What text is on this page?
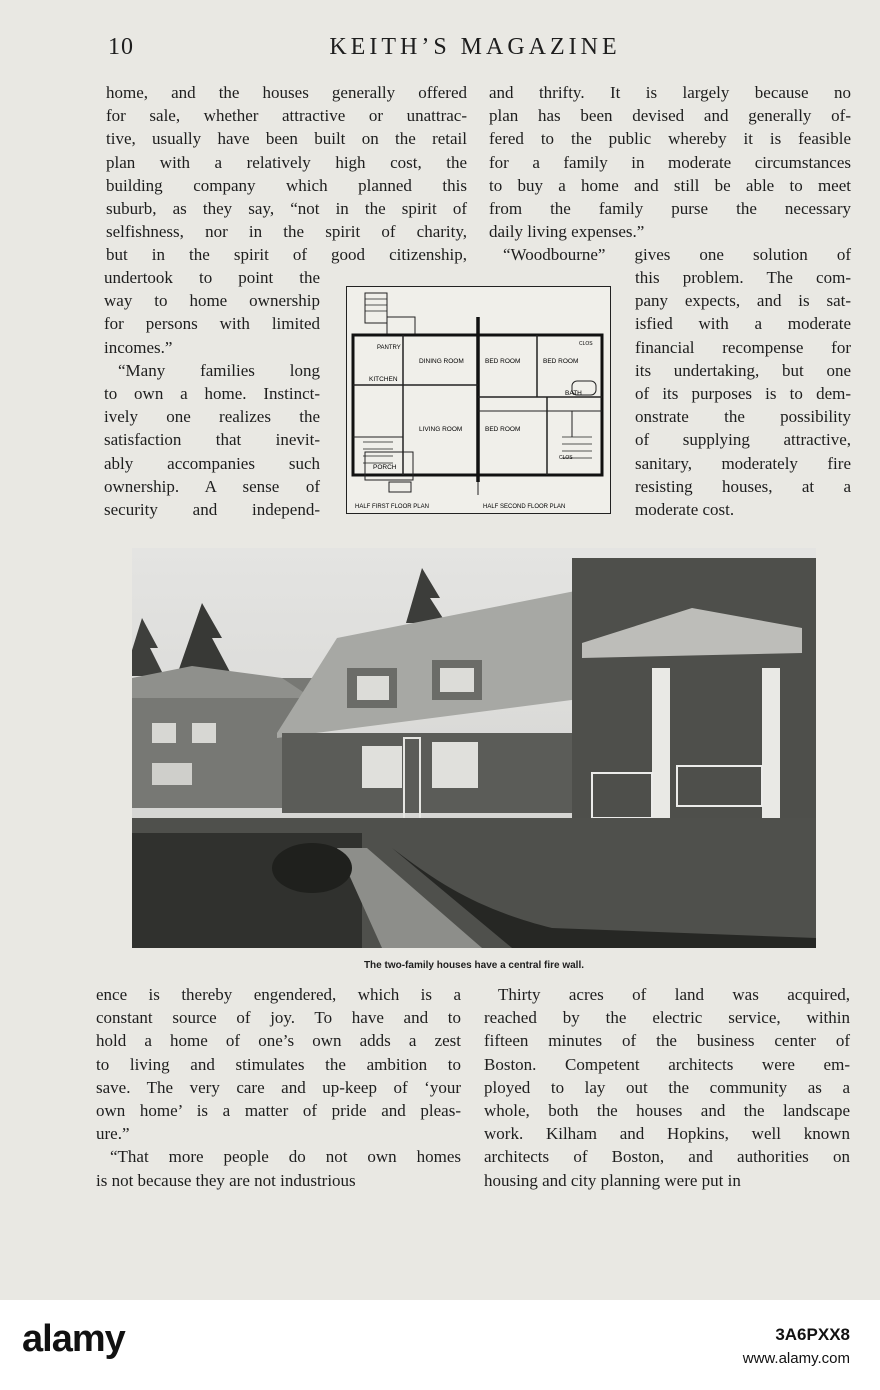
10	KEITH’S MAGAZINE
home, and the houses generally offered
for sale, whether attractive or unattrac-
tive, usually have been built on the retail
plan with a relatively high cost, the
building company which planned this
suburb, as they say, “not in the spirit of
selfishness, nor in the spirit of charity,
but in the spirit of good citizenship,
undertook to point the
way to home ownership
for persons with limited
incomes.”
“Many families long
to own a home. Instinct-
ively one realizes the
satisfaction that inevit-
ably accompanies such
ownership. A sense of
security and independ-
and thrifty. It is largely because no
plan has been devised and generally of-
fered to the public whereby it is feasible
for a family in moderate circumstances
to buy a home and still be able to meet
from the family purse the necessary
daily living expenses.”
“Woodbourne” gives one solution of
this problem. The com-
pany expects, and is sat-
isfied with a moderate
financial recompense for
its undertaking, but one
of its purposes is to dem-
onstrate the possibility
of supplying attractive,
sanitary, moderately fire
resisting houses, at a
moderate cost.
PANTRY
DINING ROOM	BED ROOM	BED ROOM
KITCHEN
BATH
LIVING ROOM	BED ROOM
PORCH
CLOS
CLOS
HALF FIRST FLOOR PLAN	HALF SECOND FLOOR PLAN
The two-family houses have a central fire wall.
ence is thereby engendered, which is a
constant source of joy. To have and to
hold a home of one’s own adds a zest
to living and stimulates the ambition to
save. The very care and up-keep of ‘your
own home’ is a matter of pride and pleas-
ure.”
“That more people do not own homes
is not because they are not industrious
Thirty acres of land was acquired,
reached by the electric service, within
fifteen minutes of the business center of
Boston. Competent architects were em-
ployed to lay out the community as a
whole, both the houses and the landscape
work. Kilham and Hopkins, well known
architects of Boston, and authorities on
housing and city planning were put in
alamy	3A6PXX8
www.alamy.com
